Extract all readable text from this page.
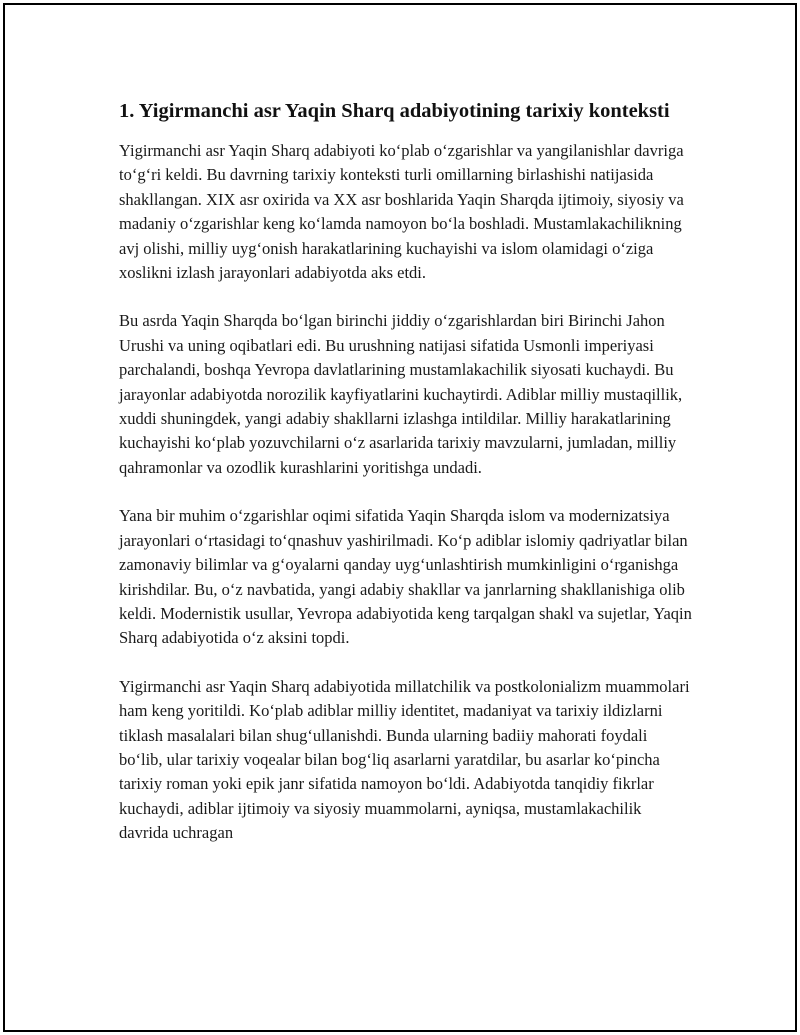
1. Yigirmanchi asr Yaqin Sharq adabiyotining tarixiy konteksti

Yigirmanchi asr Yaqin Sharq adabiyoti ko‘plab o‘zgarishlar va yangilanishlar davriga to‘g‘ri keldi. Bu davrning tarixiy konteksti turli omillarning birlashishi natijasida shakllangan. XIX asr oxirida va XX asr boshlarida Yaqin Sharqda ijtimoiy, siyosiy va madaniy o‘zgarishlar keng ko‘lamda namoyon bo‘la boshladi. Mustamlakachilikning avj olishi, milliy uyg‘onish harakatlarining kuchayishi va islom olamidagi o‘ziga xoslikni izlash jarayonlari adabiyotda aks etdi.

Bu asrda Yaqin Sharqda bo‘lgan birinchi jiddiy o‘zgarishlardan biri Birinchi Jahon Urushi va uning oqibatlari edi. Bu urushning natijasi sifatida Usmonli imperiyasi parchalandi, boshqa Yevropa davlatlarining mustamlakachilik siyosati kuchaydi. Bu jarayonlar adabiyotda norozilik kayfiyatlarini kuchaytirdi. Adiblar milliy mustaqillik, xuddi shuningdek, yangi adabiy shakllarni izlashga intildilar. Milliy harakatlarining kuchayishi ko‘plab yozuvchilarni o‘z asarlarida tarixiy mavzularni, jumladan, milliy qahramonlar va ozodlik kurashlarini yoritishga undadi.

Yana bir muhim o‘zgarishlar oqimi sifatida Yaqin Sharqda islom va modernizatsiya jarayonlari o‘rtasidagi to‘qnashuv yashirilmadi. Ko‘p adiblar islomiy qadriyatlar bilan zamonaviy bilimlar va g‘oyalarni qanday uyg‘unlashtirish mumkinligini o‘rganishga kirishdilar. Bu, o‘z navbatida, yangi adabiy shakllar va janrlarning shakllanishiga olib keldi. Modernistik usullar, Yevropa adabiyotida keng tarqalgan shakl va sujetlar, Yaqin Sharq adabiyotida o‘z aksini topdi.

Yigirmanchi asr Yaqin Sharq adabiyotida millatchilik va postkolonializm muammolari ham keng yoritildi. Ko‘plab adiblar milliy identitet, madaniyat va tarixiy ildizlarni tiklash masalalari bilan shug‘ullanishdi. Bunda ularning badiiy mahorati foydali bo‘lib, ular tarixiy voqealar bilan bog‘liq asarlarni yaratdilar, bu asarlar ko‘pincha tarixiy roman yoki epik janr sifatida namoyon bo‘ldi. Adabiyotda tanqidiy fikrlar kuchaydi, adiblar ijtimoiy va siyosiy muammolarni, ayniqsa, mustamlakachilik davrida uchragan
